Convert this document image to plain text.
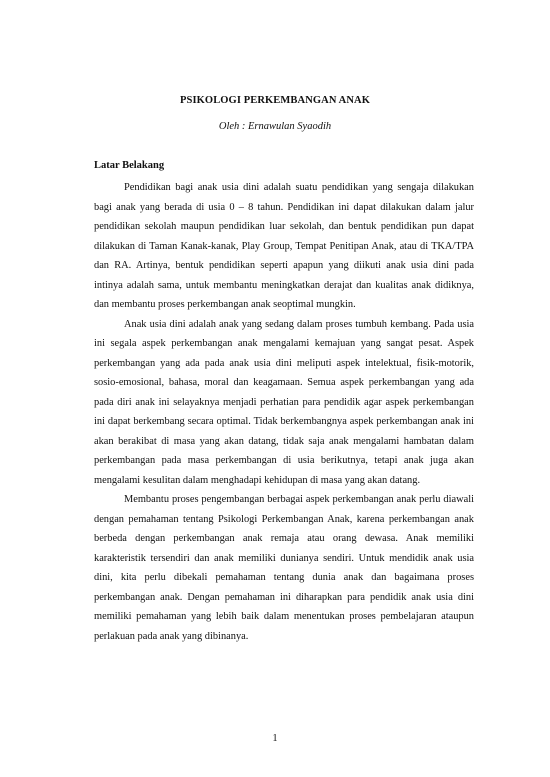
PSIKOLOGI PERKEMBANGAN ANAK
Oleh : Ernawulan Syaodih
Latar Belakang

Pendidikan bagi anak usia dini adalah suatu pendidikan yang sengaja dilakukan bagi anak yang berada di usia 0 – 8 tahun. Pendidikan ini dapat dilakukan dalam jalur pendidikan sekolah maupun pendidikan luar sekolah, dan bentuk pendidikan pun dapat dilakukan di Taman Kanak-kanak, Play Group, Tempat Penitipan Anak, atau di TKA/TPA dan RA. Artinya, bentuk pendidikan seperti apapun yang diikuti anak usia dini pada intinya adalah sama, untuk membantu meningkatkan derajat dan kualitas anak didiknya, dan membantu proses perkembangan anak seoptimal mungkin.

Anak usia dini adalah anak yang sedang dalam proses tumbuh kembang. Pada usia ini segala aspek perkembangan anak mengalami kemajuan yang sangat pesat. Aspek perkembangan yang ada pada anak usia dini meliputi aspek intelektual, fisik-motorik, sosio-emosional, bahasa, moral dan keagamaan. Semua aspek perkembangan yang ada pada diri anak ini selayaknya menjadi perhatian para pendidik agar aspek perkembangan ini dapat berkembang secara optimal. Tidak berkembangnya aspek perkembangan anak ini akan berakibat di masa yang akan datang, tidak saja anak mengalami hambatan dalam perkembangan pada masa perkembangan di usia berikutnya, tetapi anak juga akan mengalami kesulitan dalam menghadapi kehidupan di masa yang akan datang.

Membantu proses pengembangan berbagai aspek perkembangan anak perlu diawali dengan pemahaman tentang Psikologi Perkembangan Anak, karena perkembangan anak berbeda dengan perkembangan anak remaja atau orang dewasa. Anak memiliki karakteristik tersendiri dan anak memiliki dunianya sendiri. Untuk mendidik anak usia dini, kita perlu dibekali pemahaman tentang dunia anak dan bagaimana proses perkembangan anak. Dengan pemahaman ini diharapkan para pendidik anak usia dini memiliki pemahaman yang lebih baik dalam menentukan proses pembelajaran ataupun perlakuan pada anak yang dibinanya.

1
